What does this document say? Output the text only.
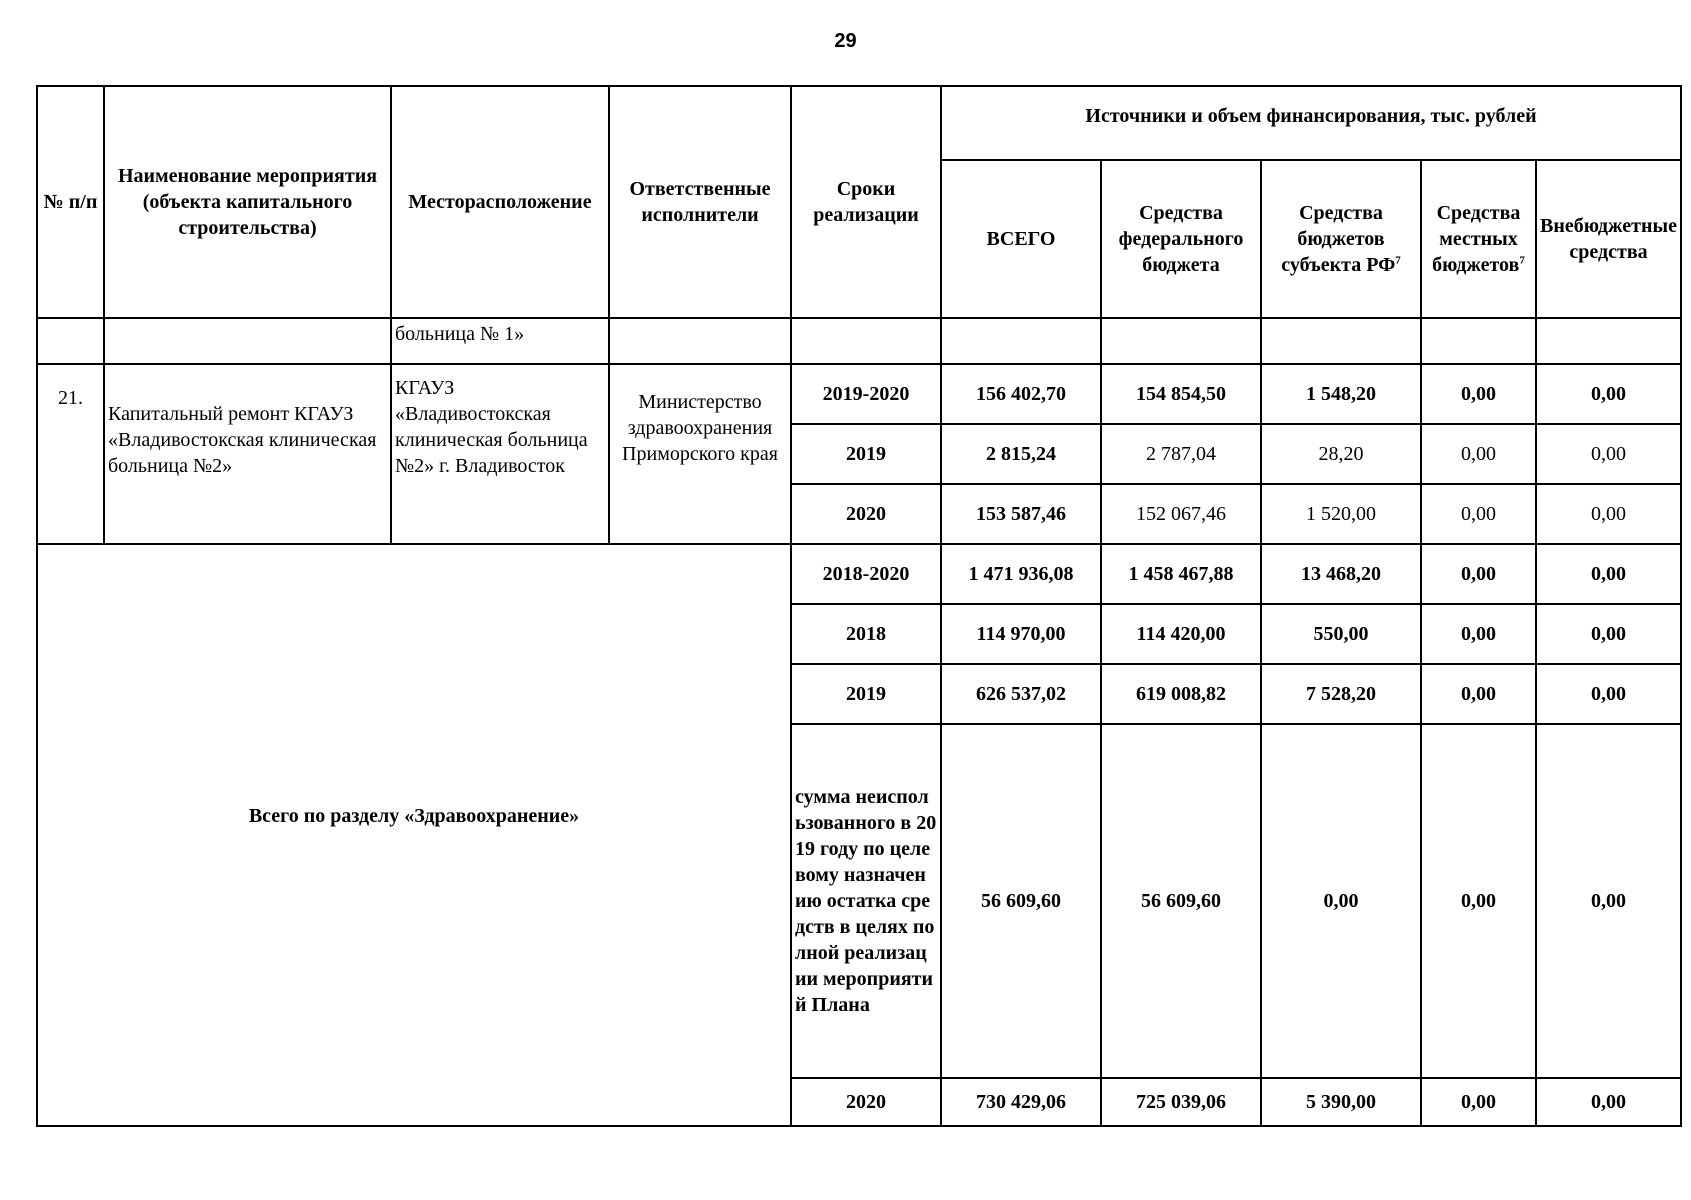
29
№ п/п	Наименование мероприятия (объекта капитального строительства)	Месторасположение	Ответственные исполнители	Сроки реализации	Источники и объем финансирования, тыс. рублей				
					ВСЕГО	Средства федерального бюджета	Средства бюджетов субъекта $РФ^7$	Средства местных бюджетов$^7$	Внебюджетные средства
		больница № 1»							
21.	Капитальный ремонт КГАУЗ «Владивостокская клиническая больница №2»	КГАУЗ «Владивостокская клиническая больница №2» г. Владивосток	Министерство здравоохранения Приморского края	2019-2020	156 402,70	154 854,50	1 548,20	0,00	0,00
				2019	2 815,24	2 787,04	28,20	0,00	0,00
				2020	153 587,46	152 067,46	1 520,00	0,00	0,00
Всего по разделу «Здравоохранение»				2018-2020	1 471 936,08	1 458 467,88	13 468,20	0,00	0,00
				2018	114 970,00	114 420,00	550,00	0,00	0,00
				2019	626 537,02	619 008,82	7 528,20	0,00	0,00
				сумма неиспользованного в 2019 году по целевому назначению остатка средств в целях полной реализации мероприятий Плана	56 609,60	56 609,60	0,00	0,00	0,00
				2020	730 429,06	725 039,06	5 390,00	0,00	0,00
